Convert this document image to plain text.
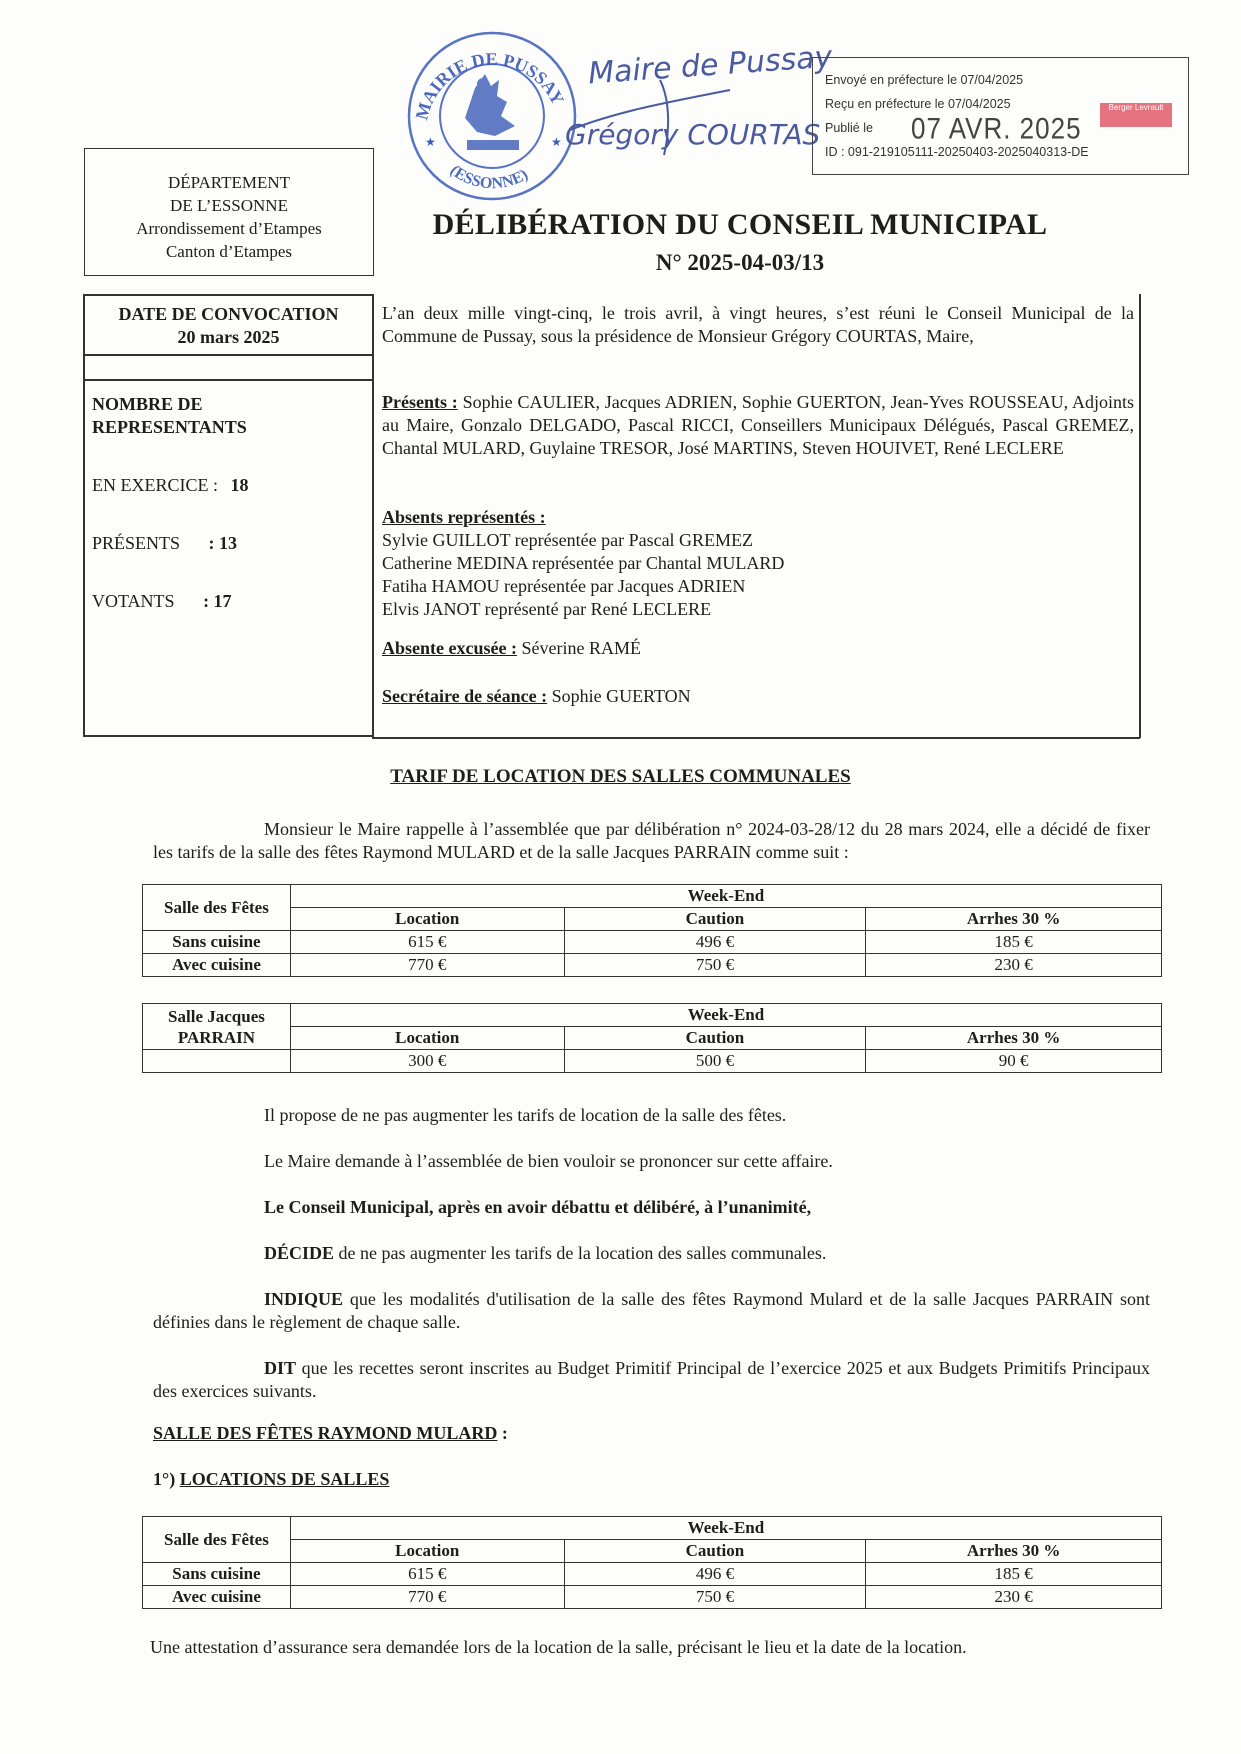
MAIRIE DE PUSSAY
(ESSONNE)
★	★
Maire de Pussay
Grégory COURTAS
Envoyé en préfecture le 07/04/2025
Reçu en préfecture le 07/04/2025
Publié le
ID : 091-219105111-20250403-2025040313-DE
07 AVR. 2025
Berger Levrault
DÉPARTEMENT
DE L’ESSONNE
Arrondissement d’Etampes
Canton d’Etampes
DÉLIBÉRATION DU CONSEIL MUNICIPAL
N° 2025-04-03/13
DATE DE CONVOCATION
20 mars 2025
NOMBRE DE
REPRESENTANTS
EN EXERCICE : 18
PRÉSENTS : 13
VOTANTS : 17
L’an deux mille vingt-cinq, le trois avril, à vingt heures, s’est réuni le Conseil Municipal de la Commune de Pussay, sous la présidence de Monsieur Grégory COURTAS, Maire,
Présents : Sophie CAULIER, Jacques ADRIEN, Sophie GUERTON, Jean-Yves ROUSSEAU, Adjoints au Maire, Gonzalo DELGADO, Pascal RICCI, Conseillers Municipaux Délégués, Pascal GREMEZ, Chantal MULARD, Guylaine TRESOR, José MARTINS, Steven HOUIVET, René LECLERE
Absents représentés :
Sylvie GUILLOT représentée par Pascal GREMEZ
Catherine MEDINA représentée par Chantal MULARD
Fatiha HAMOU représentée par Jacques ADRIEN
Elvis JANOT représenté par René LECLERE
Absente excusée : Séverine RAMÉ
Secrétaire de séance : Sophie GUERTON
TARIF DE LOCATION DES SALLES COMMUNALES
Monsieur le Maire rappelle à l’assemblée que par délibération n° 2024-03-28/12 du 28 mars 2024, elle a décidé de fixer les tarifs de la salle des fêtes Raymond MULARD et de la salle Jacques PARRAIN comme suit :
Salle des Fêtes	Week-End		
	Location	Caution	Arrhes 30 %
Sans cuisine	615 €	496 €	185 €
Avec cuisine	770 €	750 €	230 €
Salle Jacques
PARRAIN	Week-End		
	Location	Caution	Arrhes 30 %
	300 €	500 €	90 €
Il propose de ne pas augmenter les tarifs de location de la salle des fêtes.
Le Maire demande à l’assemblée de bien vouloir se prononcer sur cette affaire.
Le Conseil Municipal, après en avoir débattu et délibéré, à l’unanimité,
DÉCIDE de ne pas augmenter les tarifs de la location des salles communales.
INDIQUE que les modalités d'utilisation de la salle des fêtes Raymond Mulard et de la salle Jacques PARRAIN sont définies dans le règlement de chaque salle.
DIT que les recettes seront inscrites au Budget Primitif Principal de l’exercice 2025 et aux Budgets Primitifs Principaux des exercices suivants.
SALLE DES FÊTES RAYMOND MULARD :
1°) LOCATIONS DE SALLES
Salle des Fêtes	Week-End		
	Location	Caution	Arrhes 30 %
Sans cuisine	615 €	496 €	185 €
Avec cuisine	770 €	750 €	230 €
Une attestation d’assurance sera demandée lors de la location de la salle, précisant le lieu et la date de la location.
